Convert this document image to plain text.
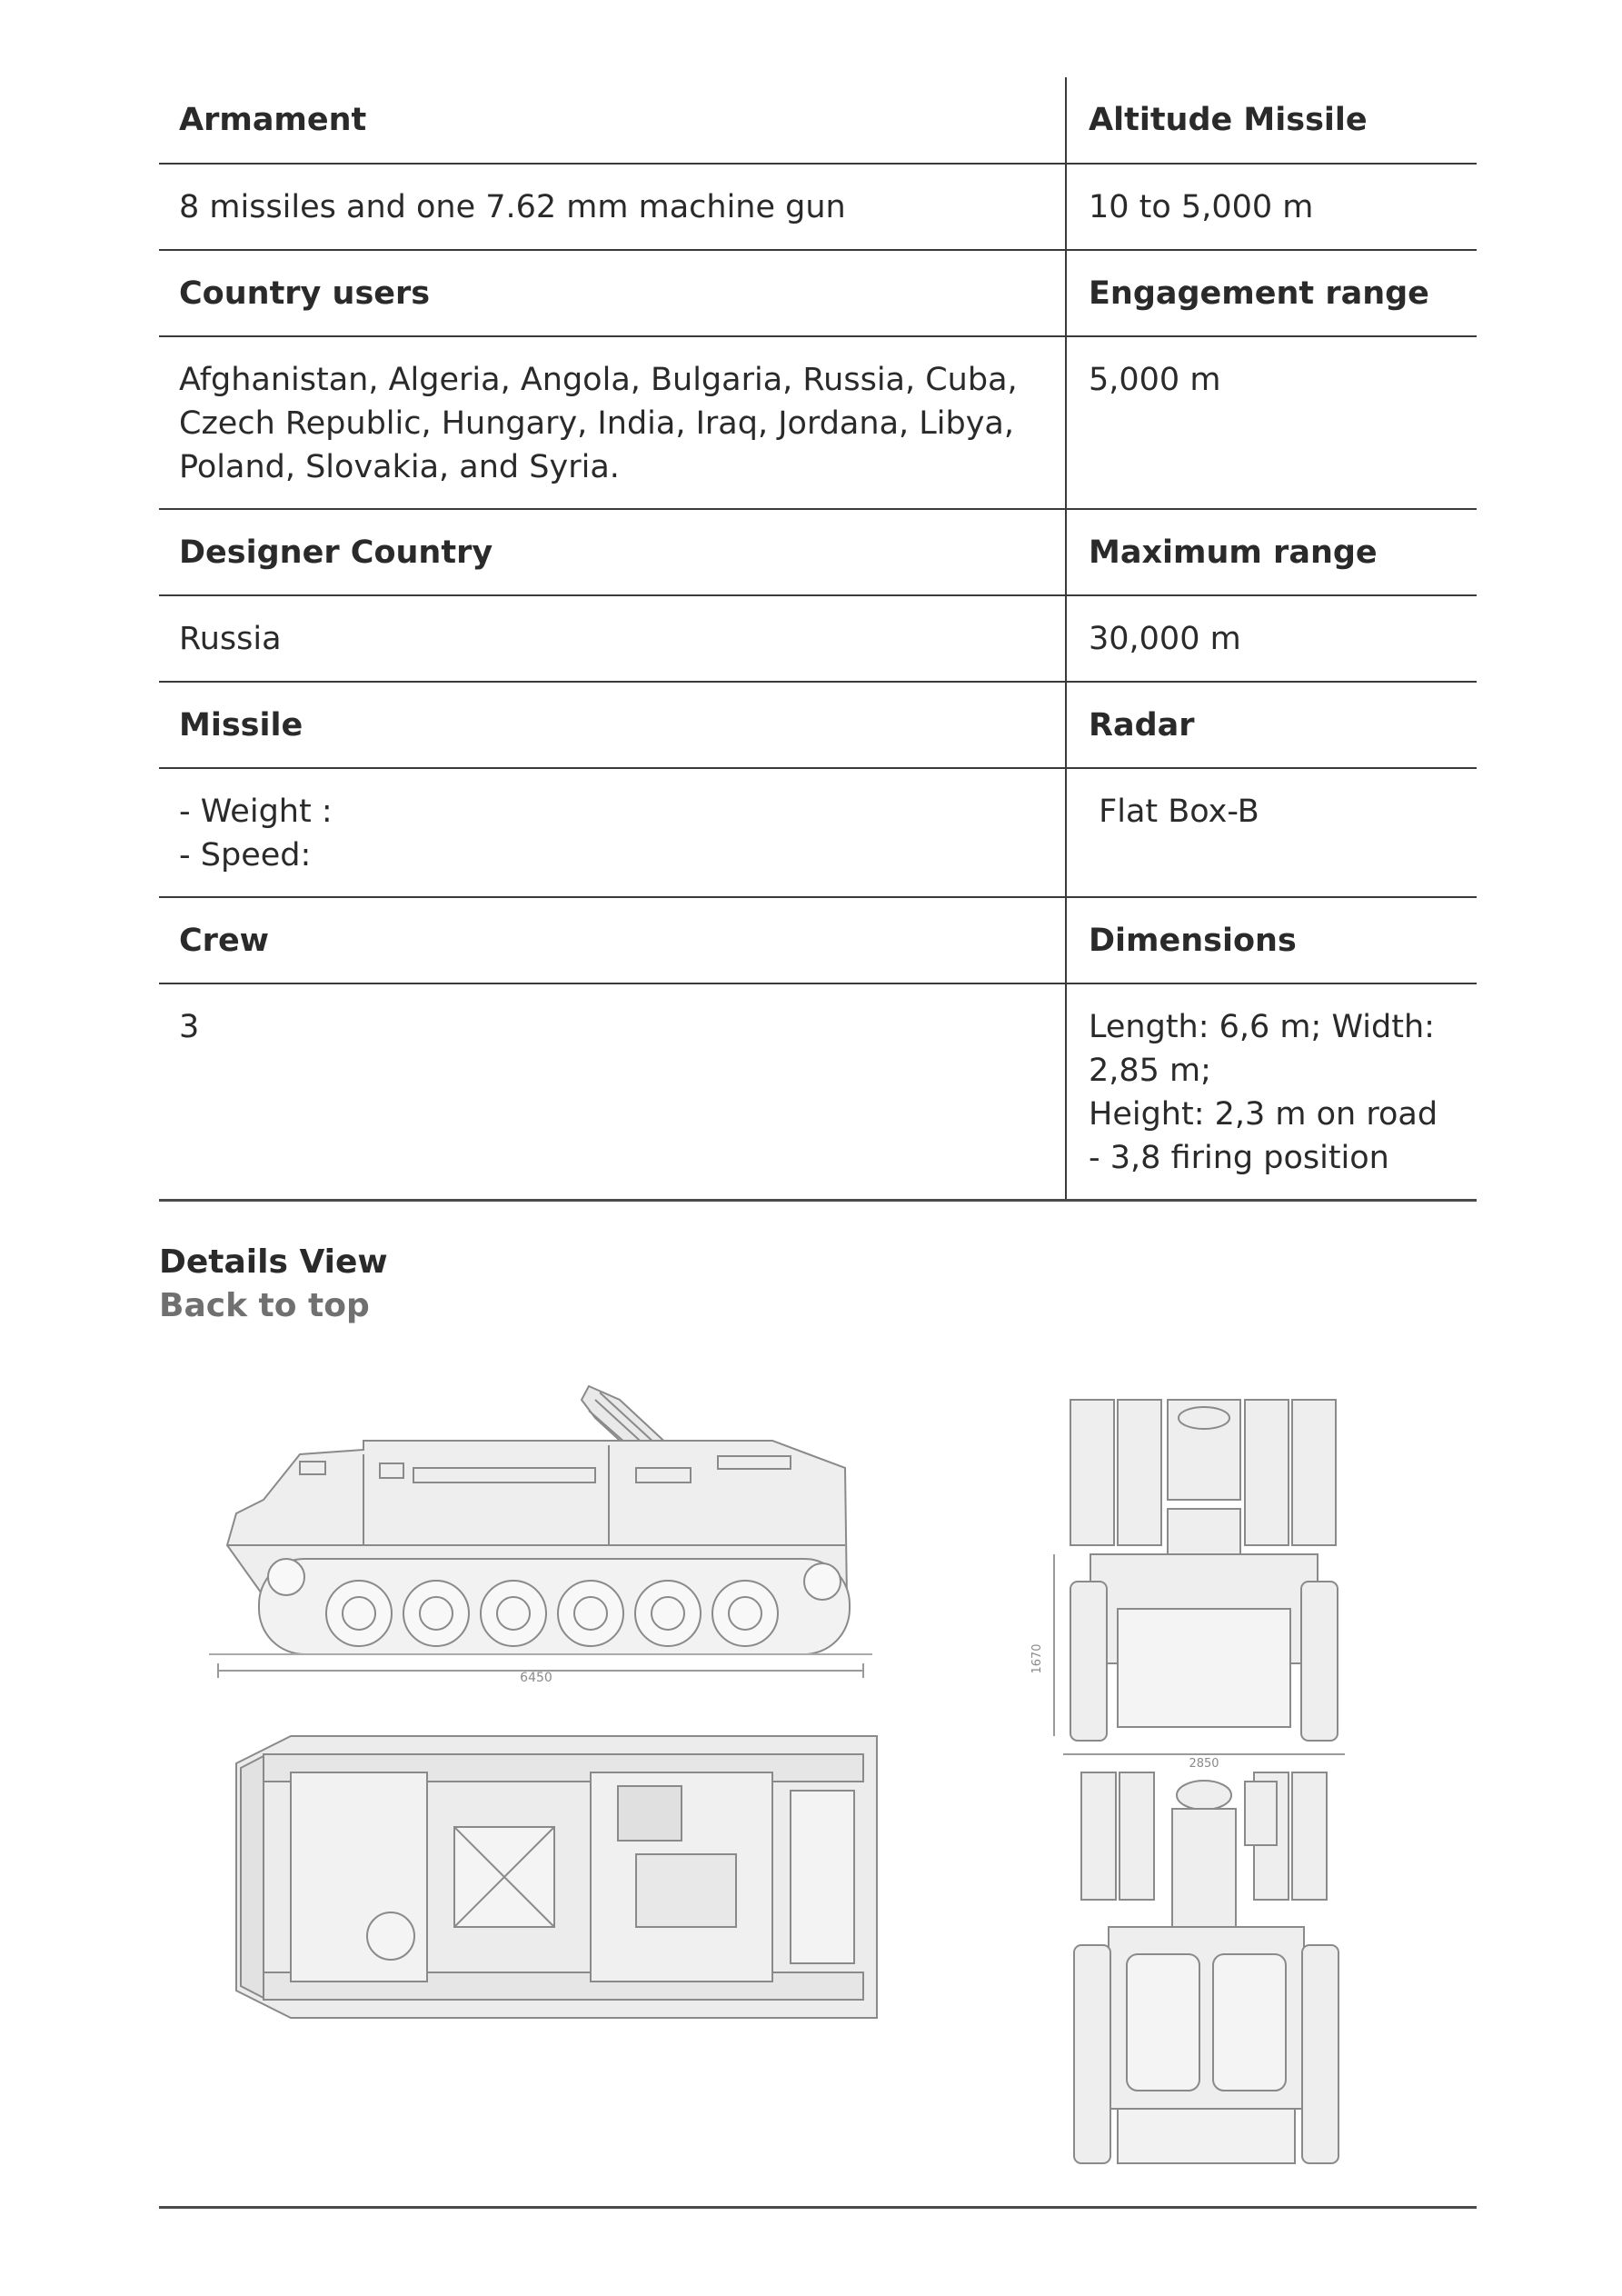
Armament	Altitude Missile

8 missiles and one 7.62 mm machine gun	10 to 5,000 m

Country users	Engagement range

Afghanistan, Algeria, Angola, Bulgaria, Russia, Cuba,
Czech Republic, Hungary, India, Iraq, Jordana, Libya,
Poland, Slovakia, and Syria.	5,000 m

Designer Country	Maximum range

Russia	30,000 m

Missile	Radar

- Weight :
- Speed:	Flat Box-B

Crew	Dimensions

3	Length: 6,6 m; Width:
2,85 m;
Height: 2,3 m on road
- 3,8 firing position
Details View
Back to top
6450
1670
2850
